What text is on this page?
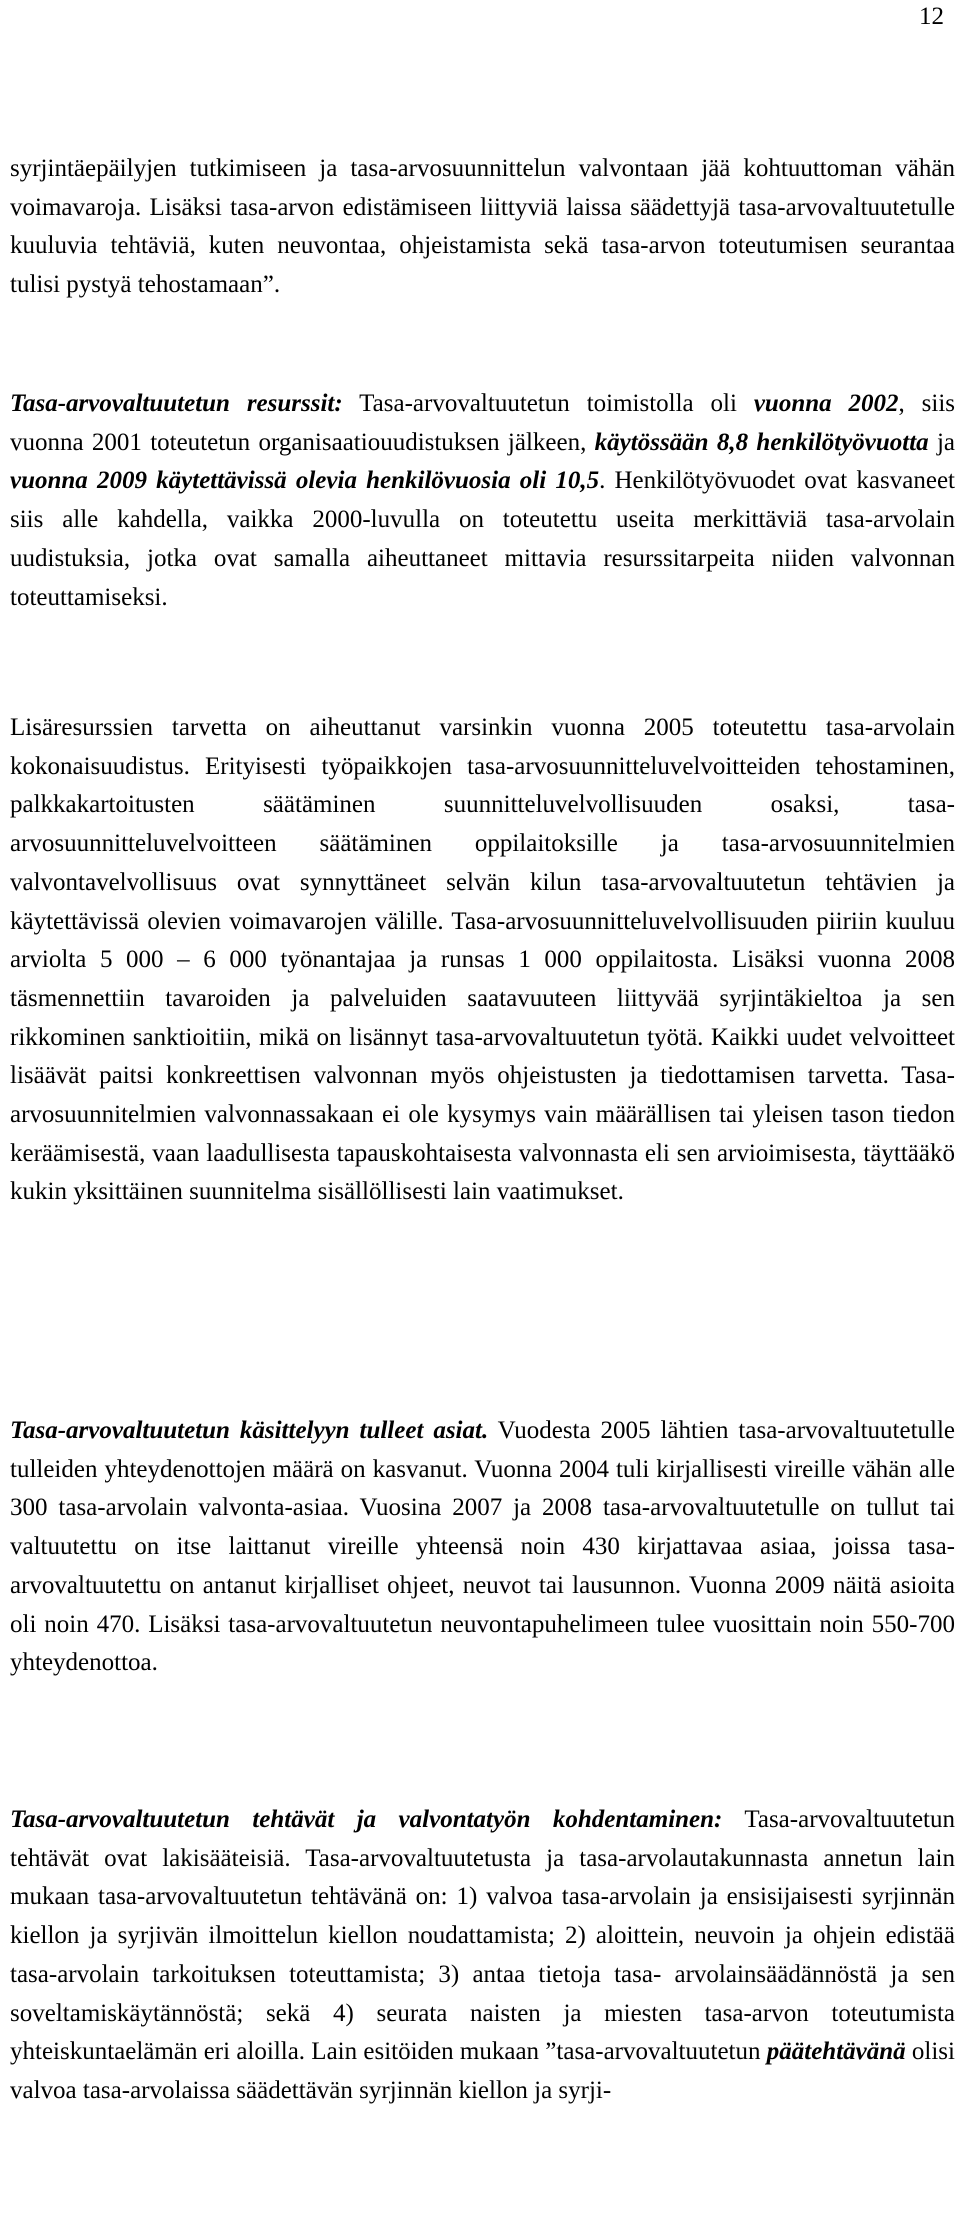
12

syrjintäepäilyjen tutkimiseen ja tasa-arvosuunnittelun valvontaan jää kohtuuttoman vähän voimavaroja. Lisäksi tasa-arvon edistämiseen liittyviä laissa säädettyjä tasa-arvovaltuutetulle kuuluvia tehtäviä, kuten neuvontaa, ohjeistamista sekä tasa-arvon toteutumisen seurantaa tulisi pystyä tehostamaan”.

Tasa-arvovaltuutetun resurssit: Tasa-arvovaltuutetun toimistolla oli vuonna 2002, siis vuonna 2001 toteutetun organisaatiouudistuksen jälkeen, käytössään 8,8 henkilötyövuotta ja vuonna 2009 käytettävissä olevia henkilövuosia oli 10,5. Henkilötyövuodet ovat kasvaneet siis alle kahdella, vaikka 2000-luvulla on toteutettu useita merkittäviä tasa-arvolain uudistuksia, jotka ovat samalla aiheuttaneet mittavia resurssitarpeita niiden valvonnan toteuttamiseksi.

Lisäresurssien tarvetta on aiheuttanut varsinkin vuonna 2005 toteutettu tasa-arvolain kokonaisuudistus. Erityisesti työpaikkojen tasa-arvosuunnitteluvelvoitteiden tehostaminen, palkkakartoitusten säätäminen suunnitteluvelvollisuuden osaksi, tasa-arvosuunnitteluvelvoitteen säätäminen oppilaitoksille ja tasa-arvosuunnitelmien valvontavelvollisuus ovat synnyttäneet selvän kilun tasa-arvovaltuutetun tehtävien ja käytettävissä olevien voimavarojen välille. Tasa-arvosuunnitteluvelvollisuuden piiriin kuuluu arviolta 5 000 – 6 000 työnantajaa ja runsas 1 000 oppilaitosta. Lisäksi vuonna 2008 täsmennettiin tavaroiden ja palveluiden saatavuuteen liittyvää syrjintäkieltoa ja sen rikkominen sanktioitiin, mikä on lisännyt tasa-arvovaltuutetun työtä. Kaikki uudet velvoitteet lisäävät paitsi konkreettisen valvonnan myös ohjeistusten ja tiedottamisen tarvetta. Tasa-arvosuunnitelmien valvonnassakaan ei ole kysymys vain määrällisen tai yleisen tason tiedon keräämisestä, vaan laadullisesta tapauskohtaisesta valvonnasta eli sen arvioimisesta, täyttääkö kukin yksittäinen suunnitelma sisällöllisesti lain vaatimukset.

Tasa-arvovaltuutetun käsittelyyn tulleet asiat. Vuodesta 2005 lähtien tasa-arvovaltuutetulle tulleiden yhteydenottojen määrä on kasvanut. Vuonna 2004 tuli kirjallisesti vireille vähän alle 300 tasa-arvolain valvonta-asiaa. Vuosina 2007 ja 2008 tasa-arvovaltuutetulle on tullut tai valtuutettu on itse laittanut vireille yhteensä noin 430 kirjattavaa asiaa, joissa tasa-arvovaltuutettu on antanut kirjalliset ohjeet, neuvot tai lausunnon. Vuonna 2009 näitä asioita oli noin 470. Lisäksi tasa-arvovaltuutetun neuvontapuhelimeen tulee vuosittain noin 550-700 yhteydenottoa.

Tasa-arvovaltuutetun tehtävät ja valvontatyön kohdentaminen: Tasa-arvovaltuutetun tehtävät ovat lakisääteisiä. Tasa-arvovaltuutetusta ja tasa-arvolautakunnasta annetun lain mukaan tasa-arvovaltuutetun tehtävänä on: 1) valvoa tasa-arvolain ja ensisijaisesti syrjinnän kiellon ja syrjivän ilmoittelun kiellon noudattamista; 2) aloittein, neuvoin ja ohjein edistää tasa-arvolain tarkoituksen toteuttamista; 3) antaa tietoja tasa- arvolainsäädännöstä ja sen soveltamiskäytännöstä; sekä 4) seurata naisten ja miesten tasa-arvon toteutumista yhteiskuntaelämän eri aloilla. Lain esitöiden mukaan ”tasa-arvovaltuutetun päätehtävänä olisi valvoa tasa-arvolaissa säädettävän syrjinnän kiellon ja syrji-
